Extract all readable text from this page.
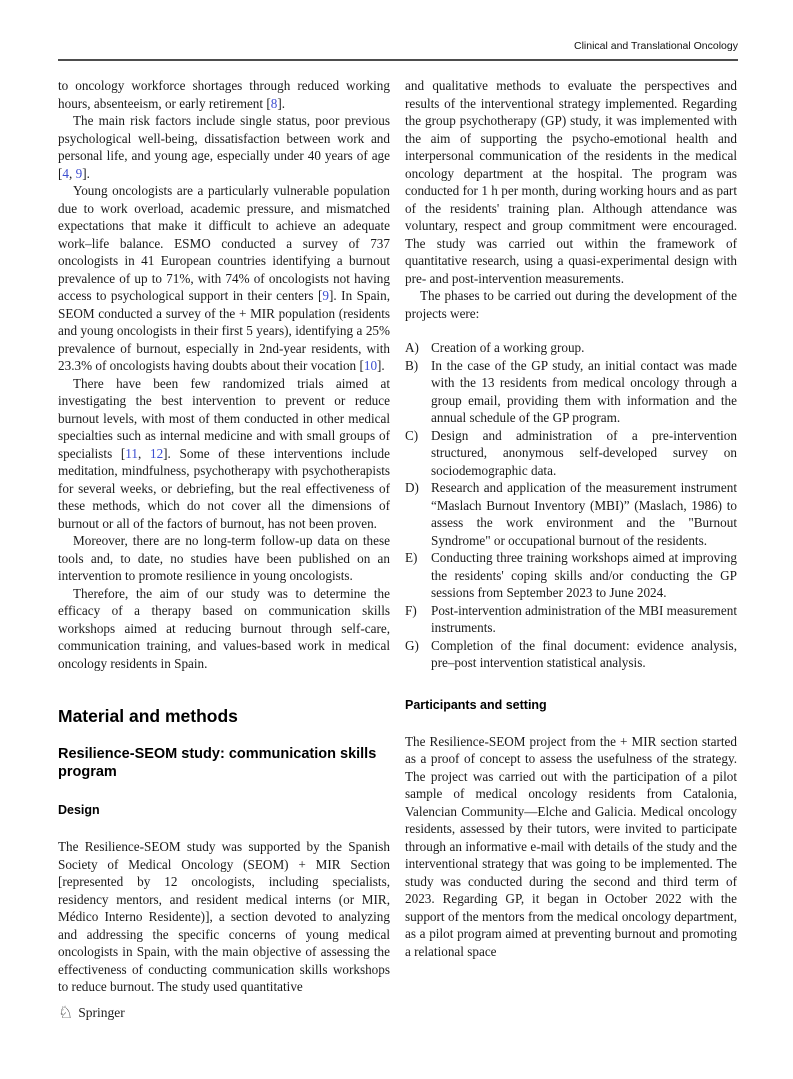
Clinical and Translational Oncology

to oncology workforce shortages through reduced working hours, absenteeism, or early retirement [8].

The main risk factors include single status, poor previous psychological well-being, dissatisfaction between work and personal life, and young age, especially under 40 years of age [4, 9].

Young oncologists are a particularly vulnerable population due to work overload, academic pressure, and mismatched expectations that make it difficult to achieve an adequate work–life balance. ESMO conducted a survey of 737 oncologists in 41 European countries identifying a burnout prevalence of up to 71%, with 74% of oncologists not having access to psychological support in their centers [9]. In Spain, SEOM conducted a survey of the + MIR population (residents and young oncologists in their first 5 years), identifying a 25% prevalence of burnout, especially in 2nd-year residents, with 23.3% of oncologists having doubts about their vocation [10].

There have been few randomized trials aimed at investigating the best intervention to prevent or reduce burnout levels, with most of them conducted in other medical specialties such as internal medicine and with small groups of specialists [11, 12]. Some of these interventions include meditation, mindfulness, psychotherapy with psychotherapists for several weeks, or debriefing, but the real effectiveness of these methods, which do not cover all the dimensions of burnout or all of the factors of burnout, has not been proven.

Moreover, there are no long-term follow-up data on these tools and, to date, no studies have been published on an intervention to promote resilience in young oncologists.

Therefore, the aim of our study was to determine the efficacy of a therapy based on communication skills workshops aimed at reducing burnout through self-care, communication training, and values-based work in medical oncology residents in Spain.

Material and methods
Resilience-SEOM study: communication skills program
Design

The Resilience-SEOM study was supported by the Spanish Society of Medical Oncology (SEOM) + MIR Section [represented by 12 oncologists, including specialists, residency mentors, and resident medical interns (or MIR, Médico Interno Residente)], a section devoted to analyzing and addressing the specific concerns of young medical oncologists in Spain, with the main objective of assessing the effectiveness of conducting communication skills workshops to reduce burnout. The study used quantitative

and qualitative methods to evaluate the perspectives and results of the interventional strategy implemented. Regarding the group psychotherapy (GP) study, it was implemented with the aim of supporting the psycho-emotional health and interpersonal communication of the residents in the medical oncology department at the hospital. The program was conducted for 1 h per month, during working hours and as part of the residents' training plan. Although attendance was voluntary, respect and group commitment were encouraged. The study was carried out within the framework of quantitative research, using a quasi-experimental design with pre- and post-intervention measurements.

The phases to be carried out during the development of the projects were:

A) Creation of a working group.
B) In the case of the GP study, an initial contact was made with the 13 residents from medical oncology through a group email, providing them with information and the annual schedule of the GP program.
C) Design and administration of a pre-intervention structured, anonymous self-developed survey on sociodemographic data.
D) Research and application of the measurement instrument “Maslach Burnout Inventory (MBI)” (Maslach, 1986) to assess the work environment and the "Burnout Syndrome" or occupational burnout of the residents.
E)	Conducting three training workshops aimed at improving the residents' coping skills and/or conducting the GP sessions from September 2023 to June 2024.
F)	Post-intervention administration of the MBI measurement instruments.
G) Completion of the final document: evidence analysis, pre–post intervention statistical analysis.
Participants and setting

The Resilience-SEOM project from the + MIR section started as a proof of concept to assess the usefulness of the strategy. The project was carried out with the participation of a pilot sample of medical oncology residents from Catalonia, Valencian Community—Elche and Galicia. Medical oncology residents, assessed by their tutors, were invited to participate through an informative e-mail with details of the study and the interventional strategy that was going to be implemented. The study was conducted during the second and third term of 2023. Regarding GP, it began in October 2022 with the support of the mentors from the medical oncology department, as a pilot program aimed at preventing burnout and promoting a relational space

♘ Springer
